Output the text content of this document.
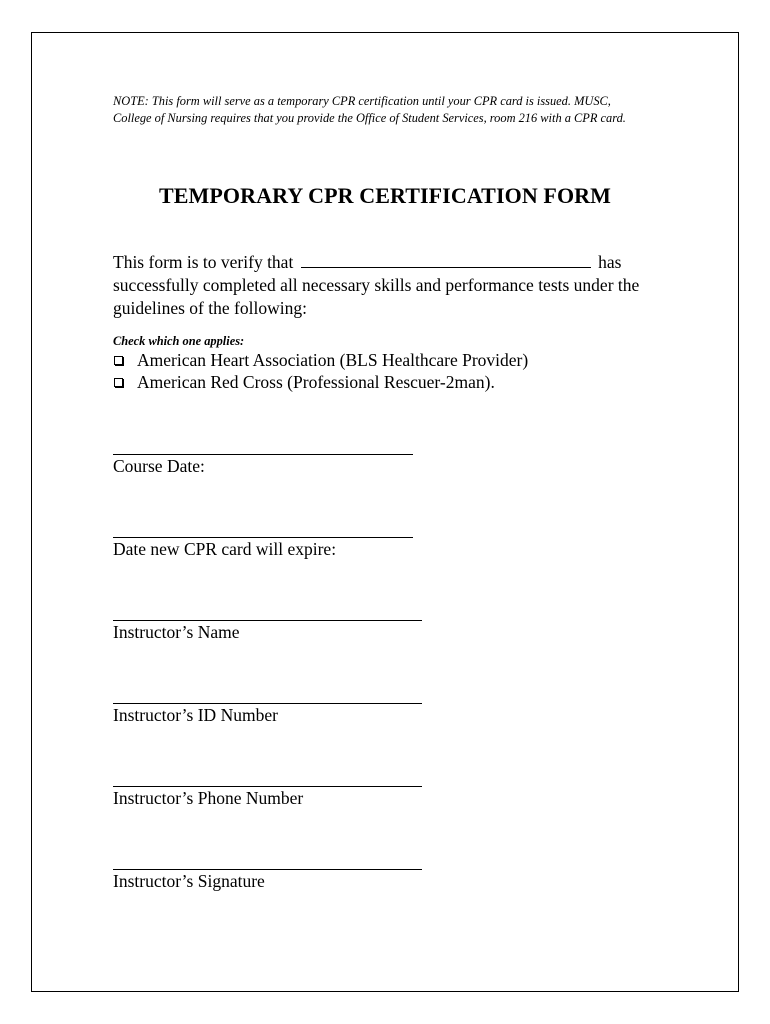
NOTE: This form will serve as a temporary CPR certification until your CPR card is issued. MUSC,
College of Nursing requires that you provide the Office of Student Services, room 216 with a CPR card.
TEMPORARY CPR CERTIFICATION FORM
This form is to verify that	has
successfully completed all necessary skills and performance tests under the
guidelines of the following:
Check which one applies:
American Heart Association (BLS Healthcare Provider)
American Red Cross (Professional Rescuer-2man).
Course Date:
Date new CPR card will expire:
Instructor’s Name
Instructor’s ID Number
Instructor’s Phone Number
Instructor’s Signature
